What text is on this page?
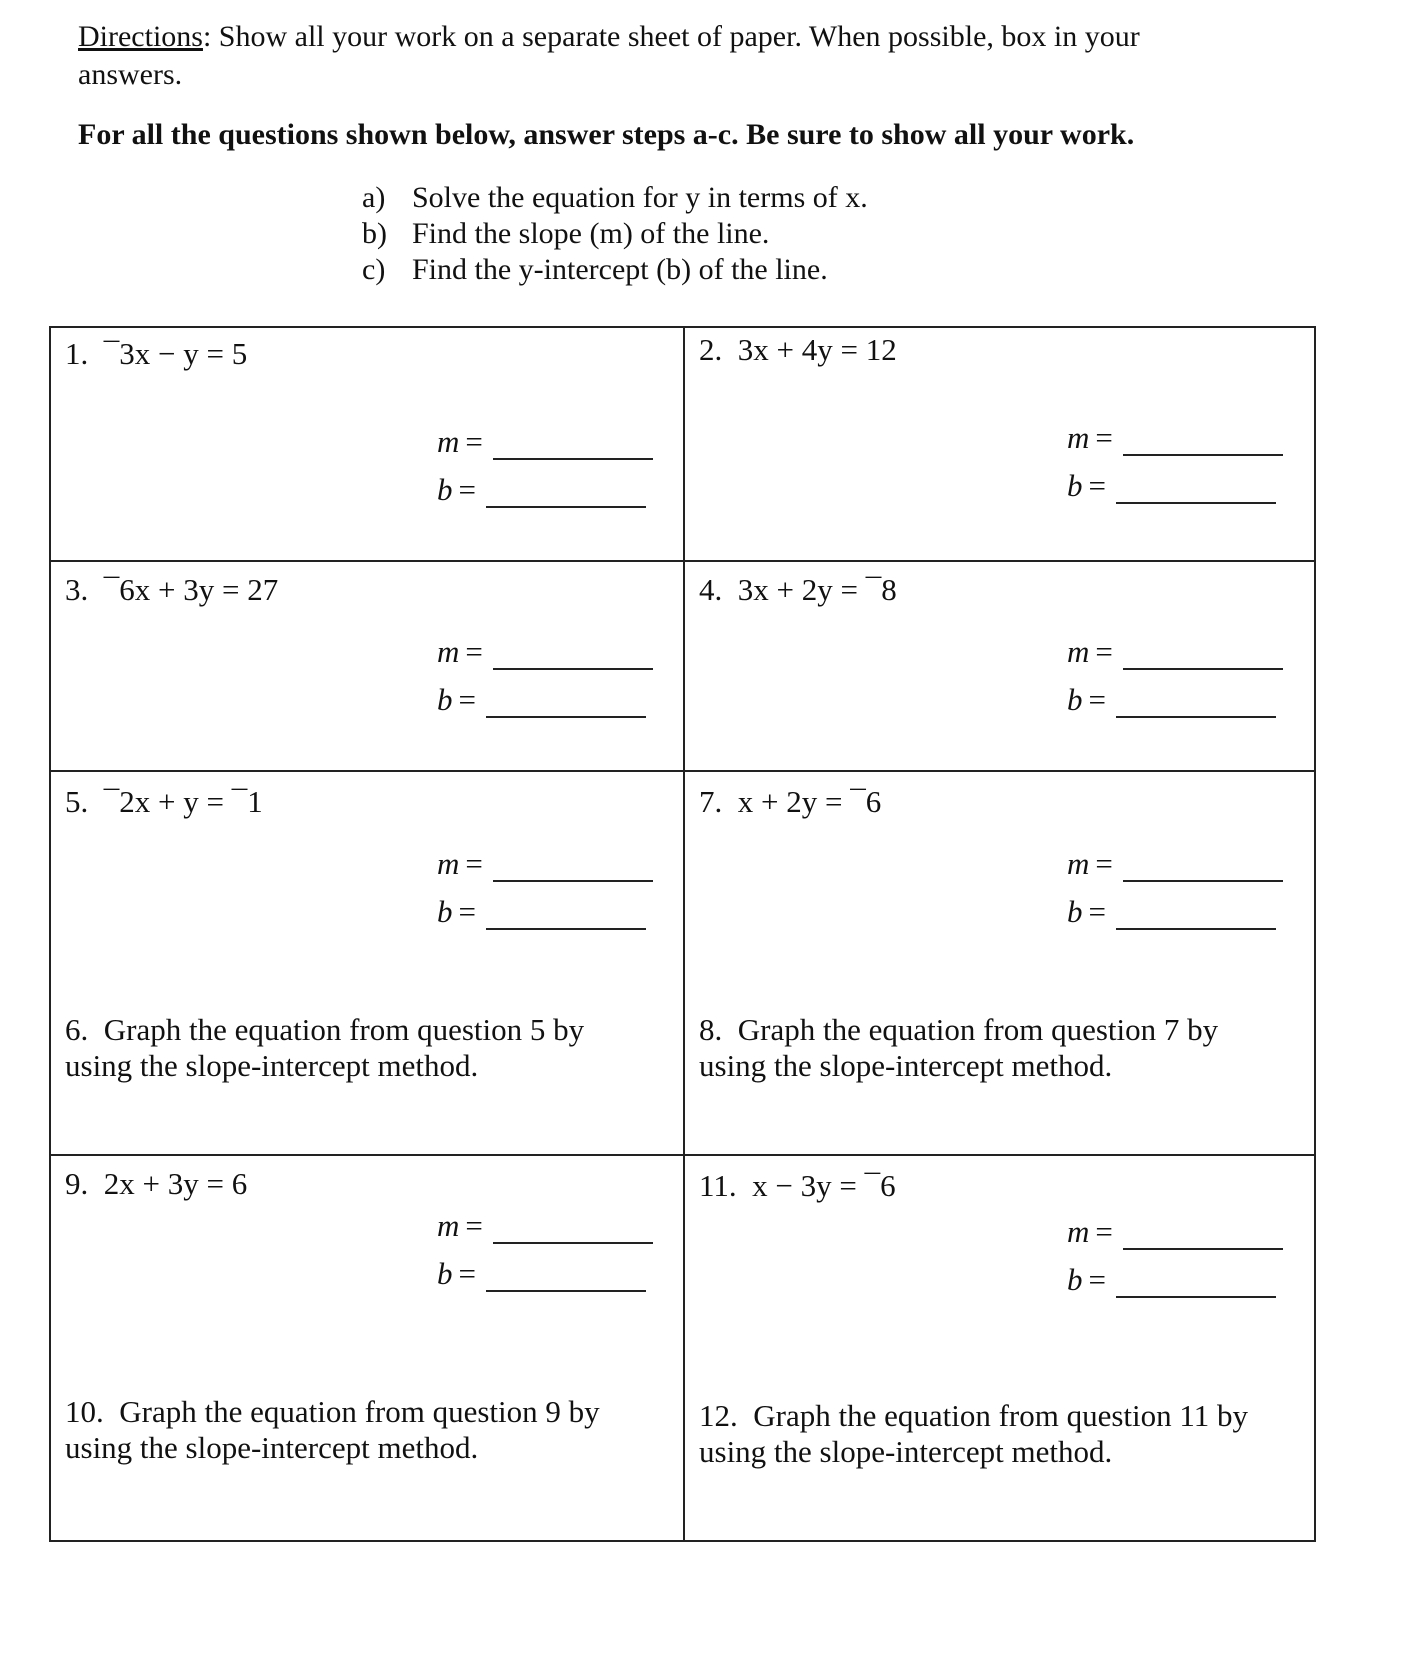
Directions: Show all your work on a separate sheet of paper. When possible, box in your answers.
For all the questions shown below, answer steps a-c. Be sure to show all your work.
a) Solve the equation for y in terms of x.
b) Find the slope (m) of the line.
c) Find the y-intercept (b) of the line.
1. ¯3x − y = 5
m =
b =
2. 3x + 4y = 12
m =
b =
3. ¯6x + 3y = 27
m =
b =
4. 3x + 2y = ¯8
m =
b =
5. ¯2x + y = ¯1
m =
b =
7. x + 2y = ¯6
m =
b =
6. Graph the equation from question 5 by using the slope-intercept method.
8. Graph the equation from question 7 by using the slope-intercept method.
9. 2x + 3y = 6
m =
b =
11. x − 3y = ¯6
m =
b =
10. Graph the equation from question 9 by using the slope-intercept method.
12. Graph the equation from question 11 by using the slope-intercept method.
